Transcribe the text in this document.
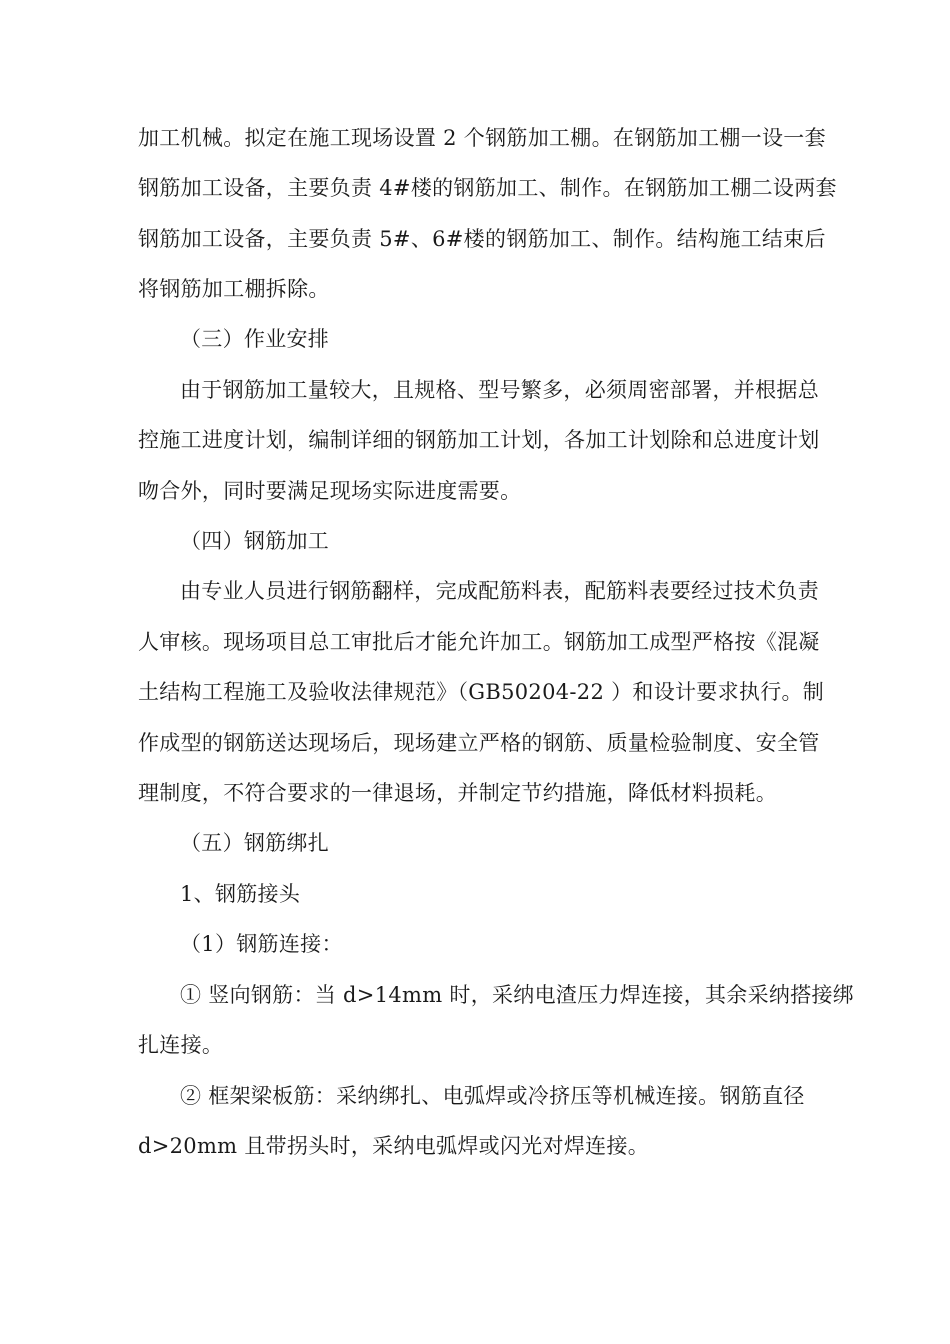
加工机械。拟定在施工现场设置 2 个钢筋加工棚。在钢筋加工棚一设一套
钢筋加工设备，主要负责 4#楼的钢筋加工、制作。在钢筋加工棚二设两套
钢筋加工设备，主要负责 5#、6#楼的钢筋加工、制作。结构施工结束后
将钢筋加工棚拆除。
（三）作业安排
由于钢筋加工量较大，且规格、型号繁多，必须周密部署，并根据总
控施工进度计划，编制详细的钢筋加工计划，各加工计划除和总进度计划
吻合外，同时要满足现场实际进度需要。
（四）钢筋加工
由专业人员进行钢筋翻样，完成配筋料表，配筋料表要经过技术负责
人审核。现场项目总工审批后才能允许加工。钢筋加工成型严格按《混凝
土结构工程施工及验收法律规范》（GB50204-22 ）和设计要求执行。制
作成型的钢筋送达现场后，现场建立严格的钢筋、质量检验制度、安全管
理制度，不符合要求的一律退场，并制定节约措施，降低材料损耗。
（五）钢筋绑扎
1、钢筋接头
（1）钢筋连接：
① 竖向钢筋：当 d>14mm 时，采纳电渣压力焊连接，其余采纳搭接绑
扎连接。
② 框架梁板筋：采纳绑扎、电弧焊或冷挤压等机械连接。钢筋直径
d>20mm 且带拐头时，采纳电弧焊或闪光对焊连接。
